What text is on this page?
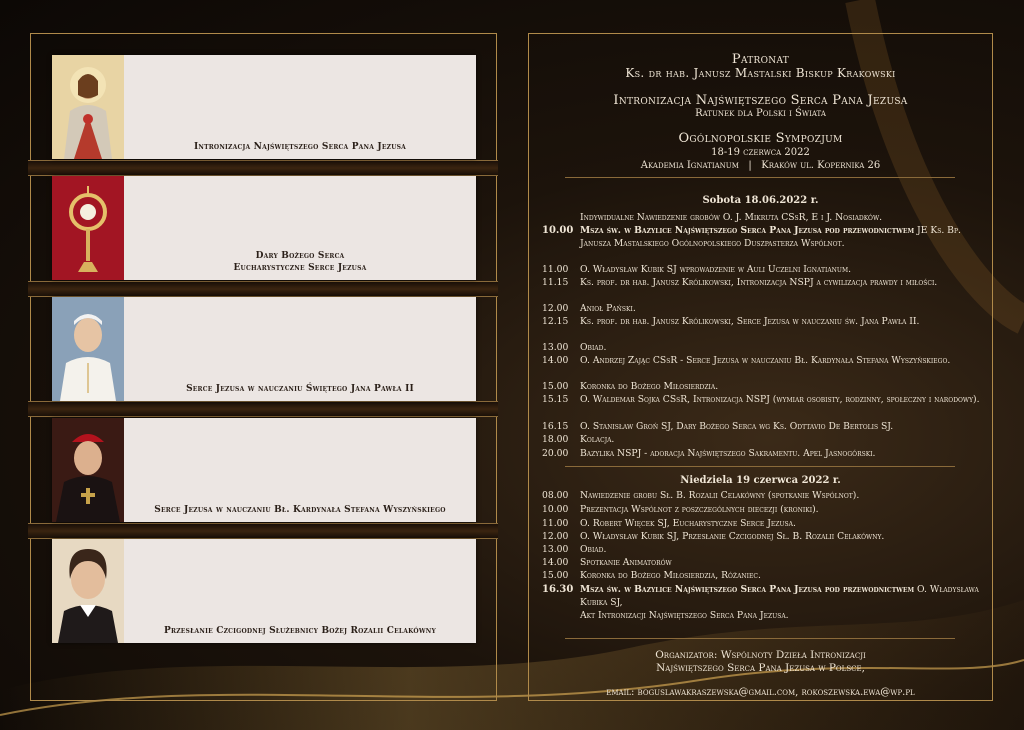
Intronizacja Najświętszego Serca Pana Jezusa
Dary Bożego Serca
Eucharystyczne Serce Jezusa
Serce Jezusa w nauczaniu Świętego Jana Pawła II
Serce Jezusa w nauczaniu Bł. Kardynała Stefana Wyszyńskiego
Przesłanie Czcigodnej Służebnicy Bożej Rozalii Celakówny
Patronat
Ks. dr hab. Janusz Mastalski Biskup Krakowski
Intronizacja Najświętszego Serca Pana Jezusa
Ratunek dla Polski i Świata
Ogólnopolskie Sympozjum
18-19 czerwca 2022
Akademia Ignatianum   |   Kraków ul. Kopernika 26
Sobota 18.06.2022 r.
Indywidualne Nawiedzenie grobów O. J. Mikruta CSsR, E i J. Nosiadków.
10.00 Msza św. w Bazylice Najświętszego Serca Pana Jezusa pod przewodnictwem JE Ks. Bp. Janusza Mastalskiego Ogólnopolskiego Duszpasterza Wspólnot.
11.00	O. Władysław Kubik SJ wprowadzenie w Auli Uczelni Ignatianum.
11.15	Ks. prof. dr hab. Janusz Królikowski, Intronizacja NSPJ a cywilizacja prawdy i miłości.
12.00	Anioł Pański.
12.15	Ks. prof. dr hab. Janusz Królikowski, Serce Jezusa w nauczaniu św. Jana Pawła II.
13.00	Obiad.
14.00	O. Andrzej Zając CSsR - Serce Jezusa w nauczaniu Bł. Kardynała Stefana Wyszyńskiego.
15.00	Koronka do Bożego Miłosierdzia.
15.15	O. Waldemar Sojka CSsR, Intronizacja NSPJ (wymiar osobisty, rodzinny, społeczny i narodowy).
16.15	O. Stanisław Groń SJ, Dary Bożego Serca wg Ks. Odttavio De Bertolis SJ.
18.00	Kolacja.
20.00	Bazylika NSPJ - adoracja Najświętszego Sakramentu. Apel Jasnogórski.
Niedziela 19 czerwca 2022 r.
08.00	Nawiedzenie grobu Sł. B. Rozalii Celakówny (spotkanie Wspólnot).
10.00	Prezentacja Wspólnot z poszczególnych diecezji (kroniki).
11.00	O. Robert Więcek SJ, Eucharystyczne Serce Jezusa.
12.00	O. Władysław Kubik SJ, Przesłanie Czcigodnej Sł. B. Rozalii Celakówny.
13.00	Obiad.
14.00	Spotkanie Animatorów
15.00	Koronka do Bożego Miłosierdzia, Różaniec.
16.30 Msza św. w Bazylice Najświętszego Serca Pana Jezusa pod przewodnictwem O. Władysława Kubika SJ,
Akt Intronizacji Najświętszego Serca Pana Jezusa.
Organizator: Wspólnoty Dzieła Intronizacji
Najświętszego Serca Pana Jezusa w Polsce,
email: boguslawakraszewska@gmail.com, rokoszewska.ewa@wp.pl
